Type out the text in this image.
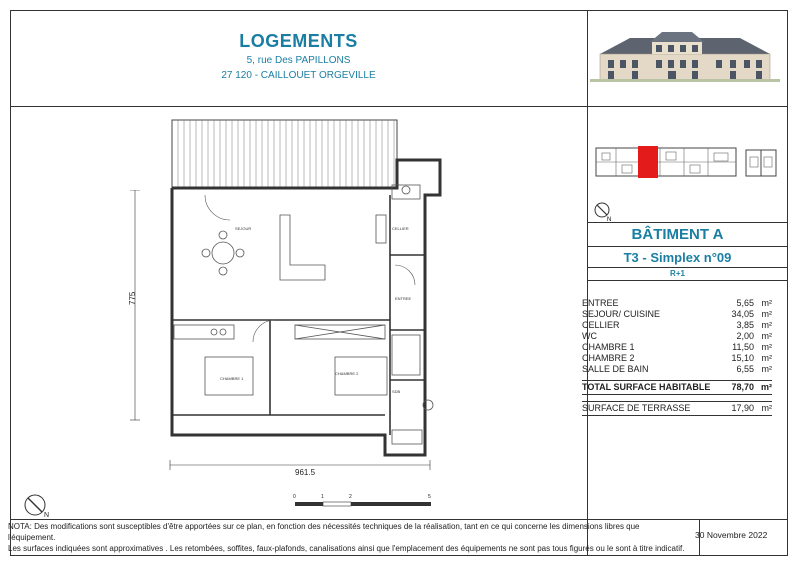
LOGEMENTS
5, rue Des PAPILLONS
27 120 - CAILLOUET ORGEVILLE
N
BÂTIMENT A
T3 - Simplex n°09
R+1
ENTREE	5,65 m²
SEJOUR/ CUISINE	34,05 m²
CELLIER	3,85 m²
WC	2,00 m²
CHAMBRE 1	11,50 m²
CHAMBRE 2	15,10 m²
SALLE DE BAIN	6,55 m²
TOTAL SURFACE HABITABLE 78,70 m²
SURFACE DE TERRASSE	17,90 m²
SEJOUR
ENTREE
CHAMBRE 1
CHAMBRE 2
SDB
CELLIER
775
961.5
0	1	2	5
N
NOTA: Des modifications sont susceptibles d'être apportées sur ce plan, en fonction des nécessités techniques de la réalisation, tant en ce qui concerne les dimensions libres que l'équipement.
Les surfaces indiquées sont approximatives . Les retombées, soffites, faux-plafonds, canalisations ainsi que l'emplacement des équipements ne sont pas tous figurés ou le sont à titre indicatif.
30 Novembre 2022
